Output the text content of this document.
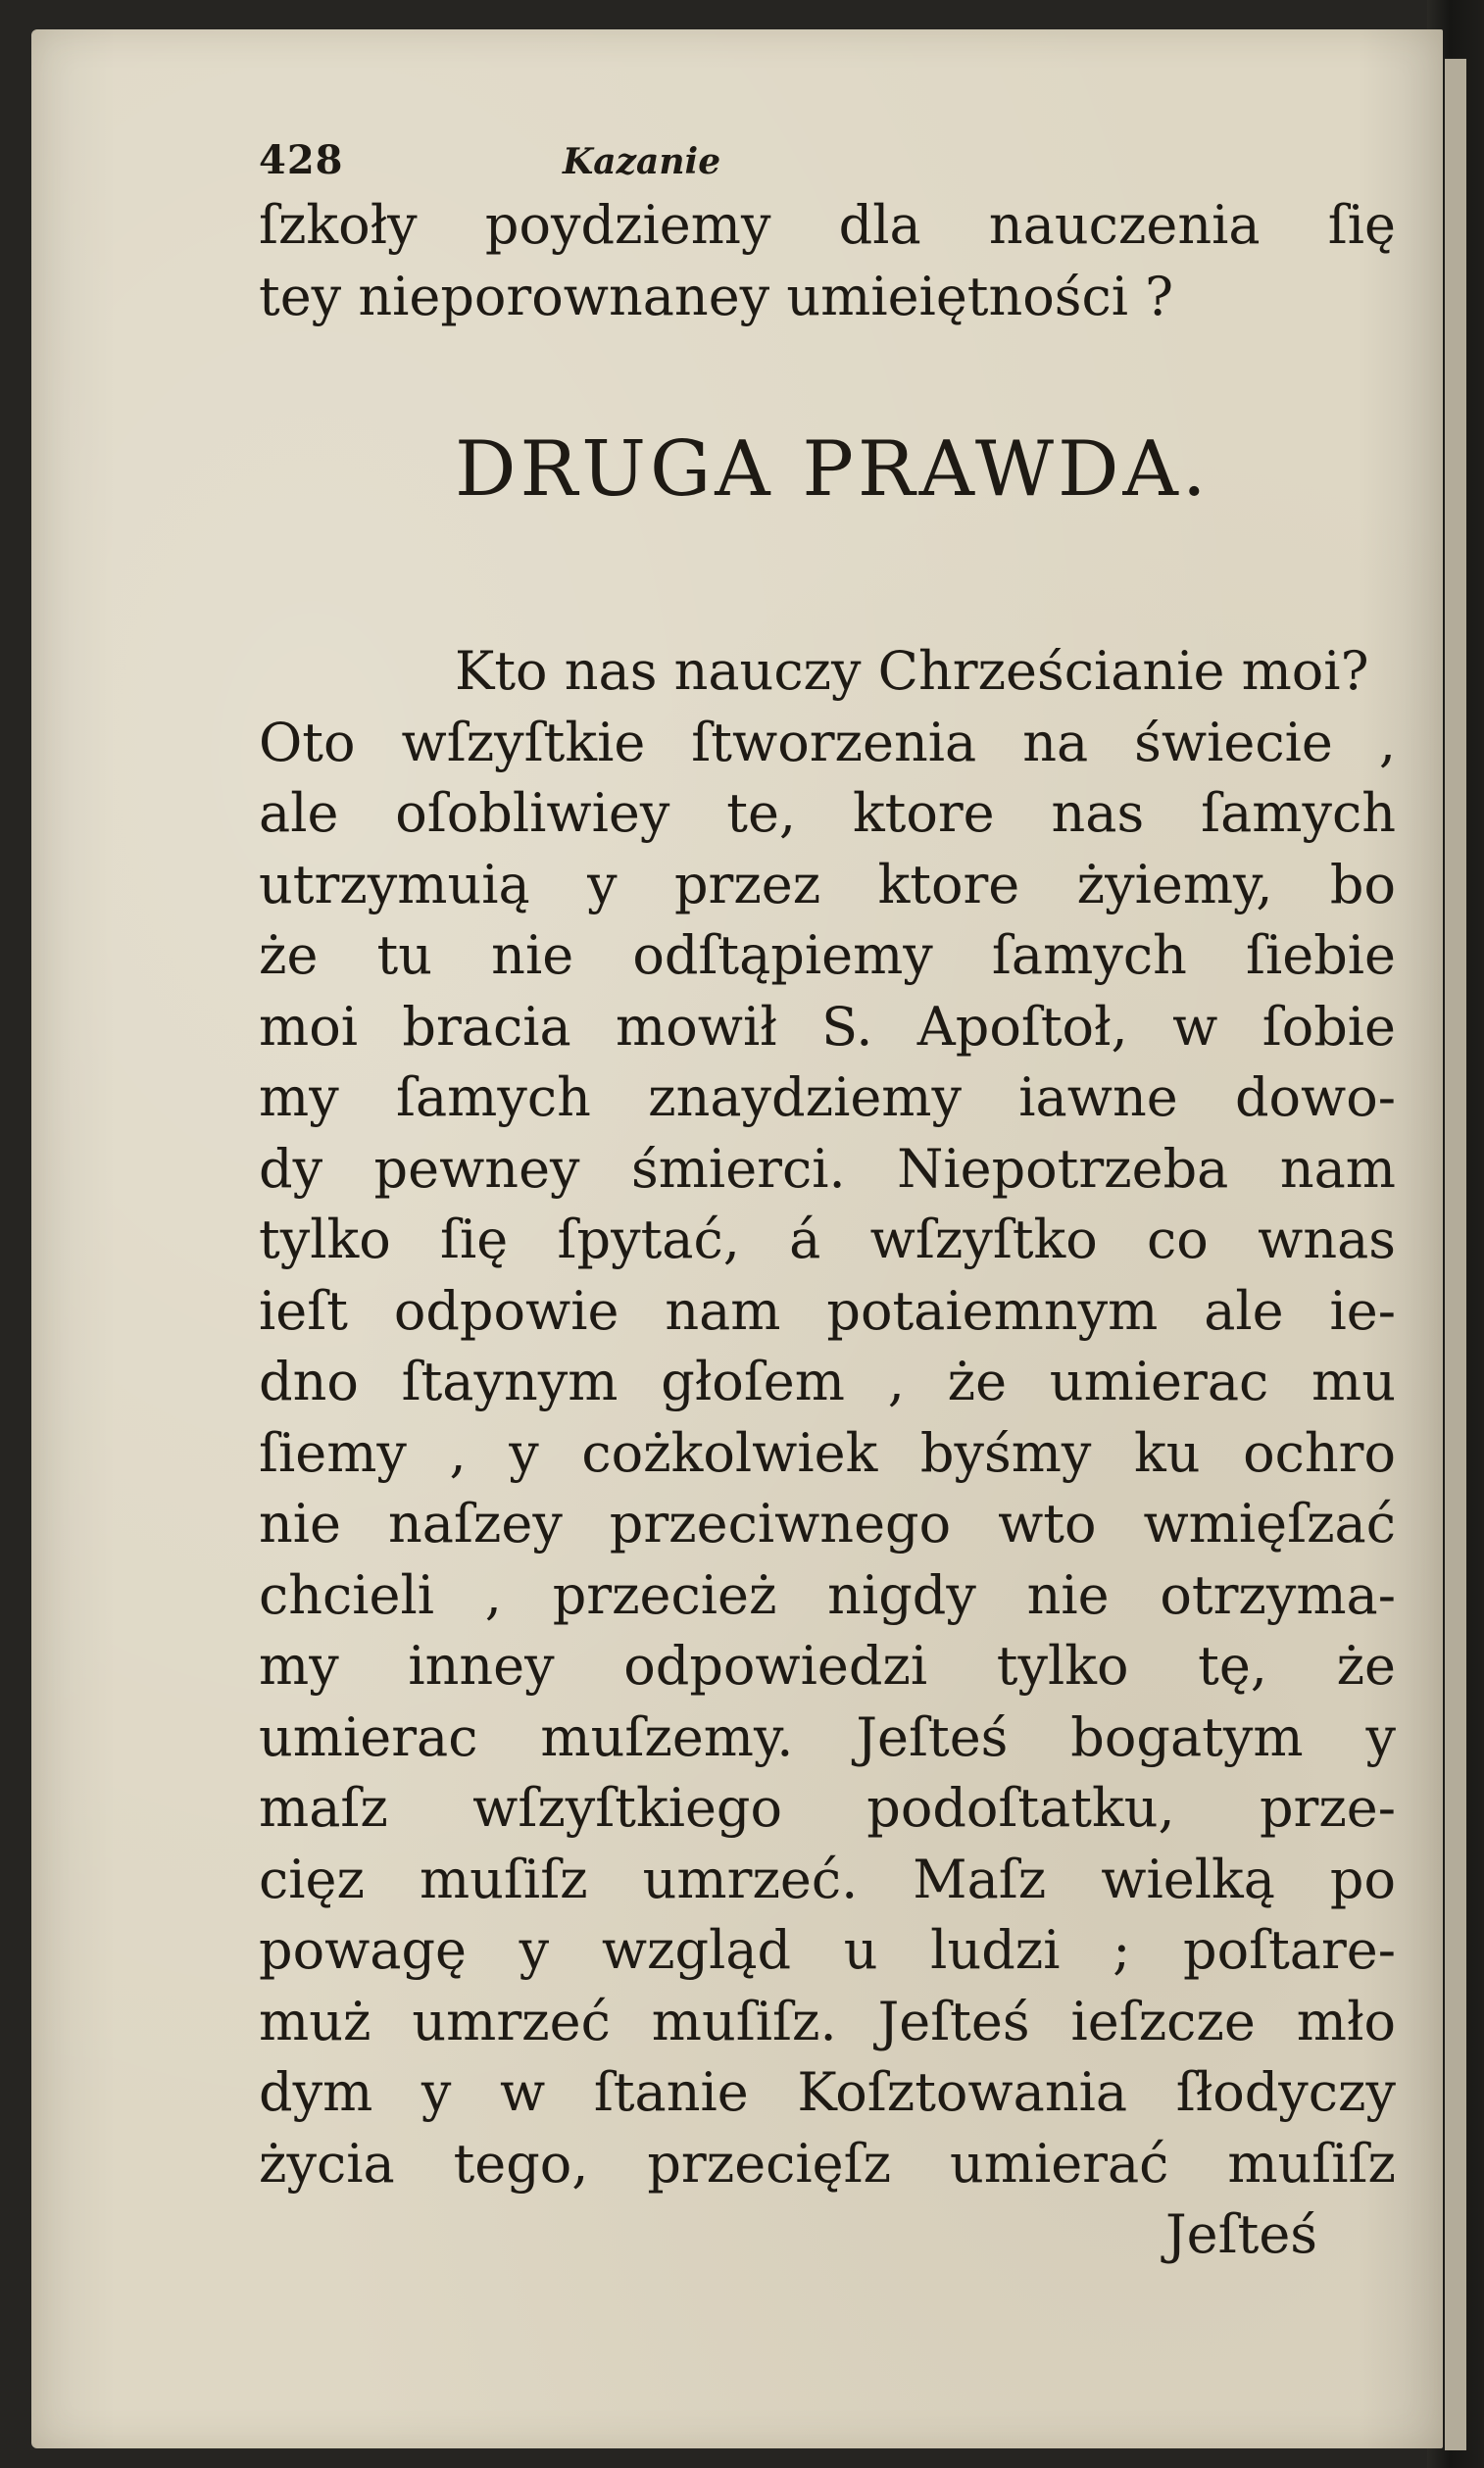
428	Kazanie
ſzkoły poydziemy dla nauczenia ſię
tey nieporownaney umieiętności ?
DRUGA PRAWDA.
Kto nas nauczy Chrześcianie moi?
Oto wſzyſtkie ſtworzenia na świecie ,
ale oſobliwiey te, ktore nas ſamych
utrzymuią y przez ktore żyiemy, bo
że tu nie odſtąpiemy ſamych ſiebie
moi bracia mowił S. Apoſtoł, w ſobie
my ſamych znaydziemy iawne dowo-
dy pewney śmierci. Niepotrzeba nam
tylko ſię ſpytać, á wſzyſtko co wnas
ieſt odpowie nam potaiemnym ale ie-
dno ſtaynym głoſem , że umierac mu
ſiemy , y cożkolwiek byśmy ku ochro
nie naſzey przeciwnego wto wmięſzać
chcieli , przecież nigdy nie otrzyma-
my inney odpowiedzi tylko tę, że
umierac muſzemy. Jeſteś bogatym y
maſz wſzyſtkiego podoſtatku, prze-
cięz muſiſz umrzeć. Maſz wielką po
powagę y wzgląd u ludzi ; poſtare-
muż umrzeć muſiſz. Jeſteś ieſzcze mło
dym y w ſtanie Koſztowania ſłodyczy
życia tego, przecięſz umierać muſiſz
Jeſteś
